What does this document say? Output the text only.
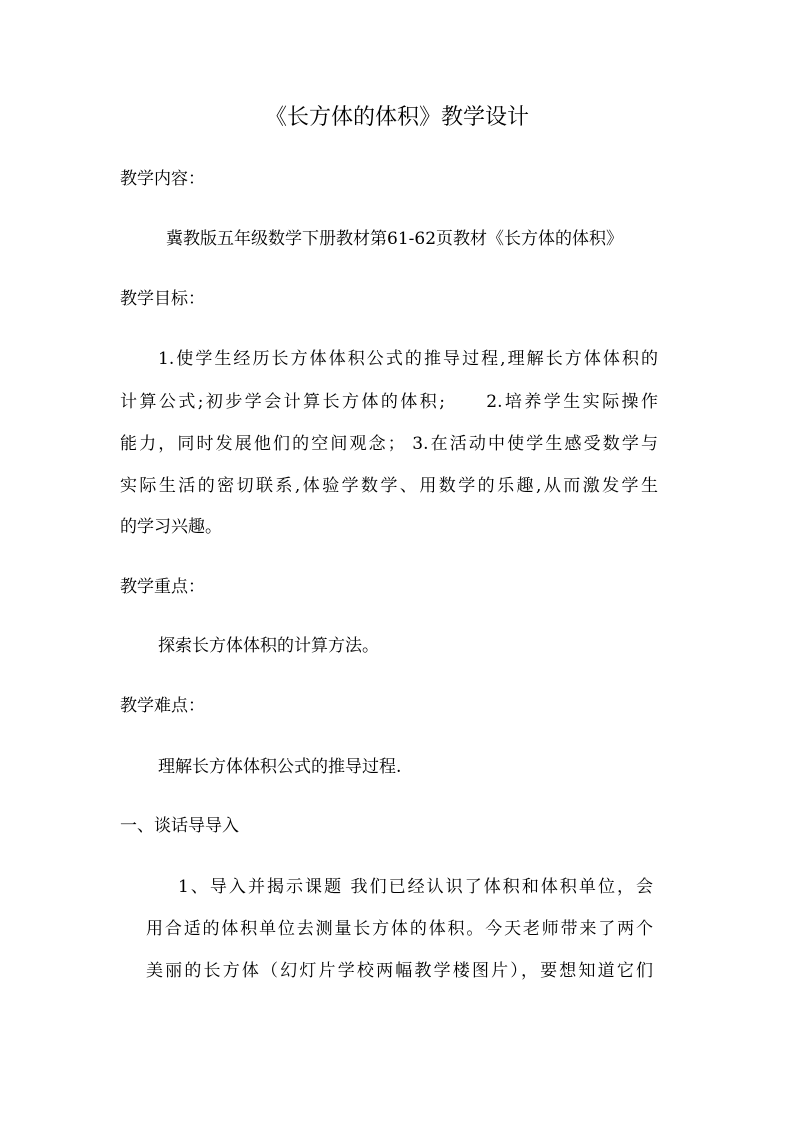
《长方体的体积》教学设计
教学内容：
冀教版五年级数学下册教材第61-62页教材《长方体的体积》
教学目标：
1.使学生经历长方体体积公式的推导过程,理解长方体体积的
计算公式;初步学会计算长方体的体积;　　2.培养学生实际操作
能力，同时发展他们的空间观念； 3.在活动中使学生感受数学与
实际生活的密切联系,体验学数学、用数学的乐趣,从而激发学生
的学习兴趣。
教学重点：
探索长方体体积的计算方法。
教学难点：
理解长方体体积公式的推导过程.
一、谈话导导入
1、导入并揭示课题 我们已经认识了体积和体积单位，会
用合适的体积单位去测量长方体的体积。今天老师带来了两个
美丽的长方体（幻灯片学校两幅教学楼图片），要想知道它们
